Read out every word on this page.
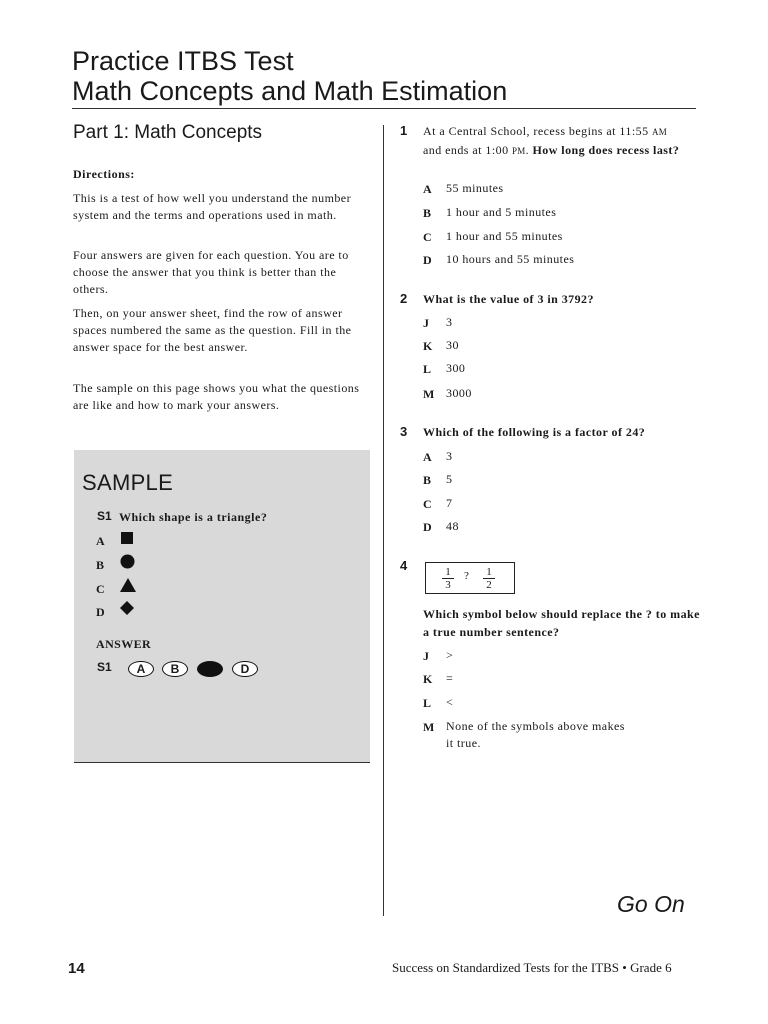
Practice ITBS Test
Math Concepts and Math Estimation
Part 1: Math Concepts
Directions:

This is a test of how well you understand the number system and the terms and operations used in math.

Four answers are given for each question. You are to choose the answer that you think is better than the others.

Then, on your answer sheet, find the row of answer spaces numbered the same as the question. Fill in the answer space for the best answer.

The sample on this page shows you what the questions are like and how to mark your answers.

SAMPLE
S1 Which shape is a triangle?
A
B
C
D
ANSWER
S1	A	B	C	D
1 At a Central School, recess begins at 11:55 AM and ends at 1:00 PM. How long does recess last?
A 55 minutes
B 1 hour and 5 minutes
C 1 hour and 55 minutes
D 10 hours and 55 minutes
2 What is the value of 3 in 3792?
J 3
K 30
L 300
M 3000
3 Which of the following is a factor of 24?
A 3
B 5
C 7
D 48
4
$\frac{1}{3}$ ? $\frac{1}{2}$
Which symbol below should replace the ? to make a true number sentence?
J >
K =
L <
M None of the symbols above makes
it true.
Go On
14	Success on Standardized Tests for the ITBS • Grade 6
